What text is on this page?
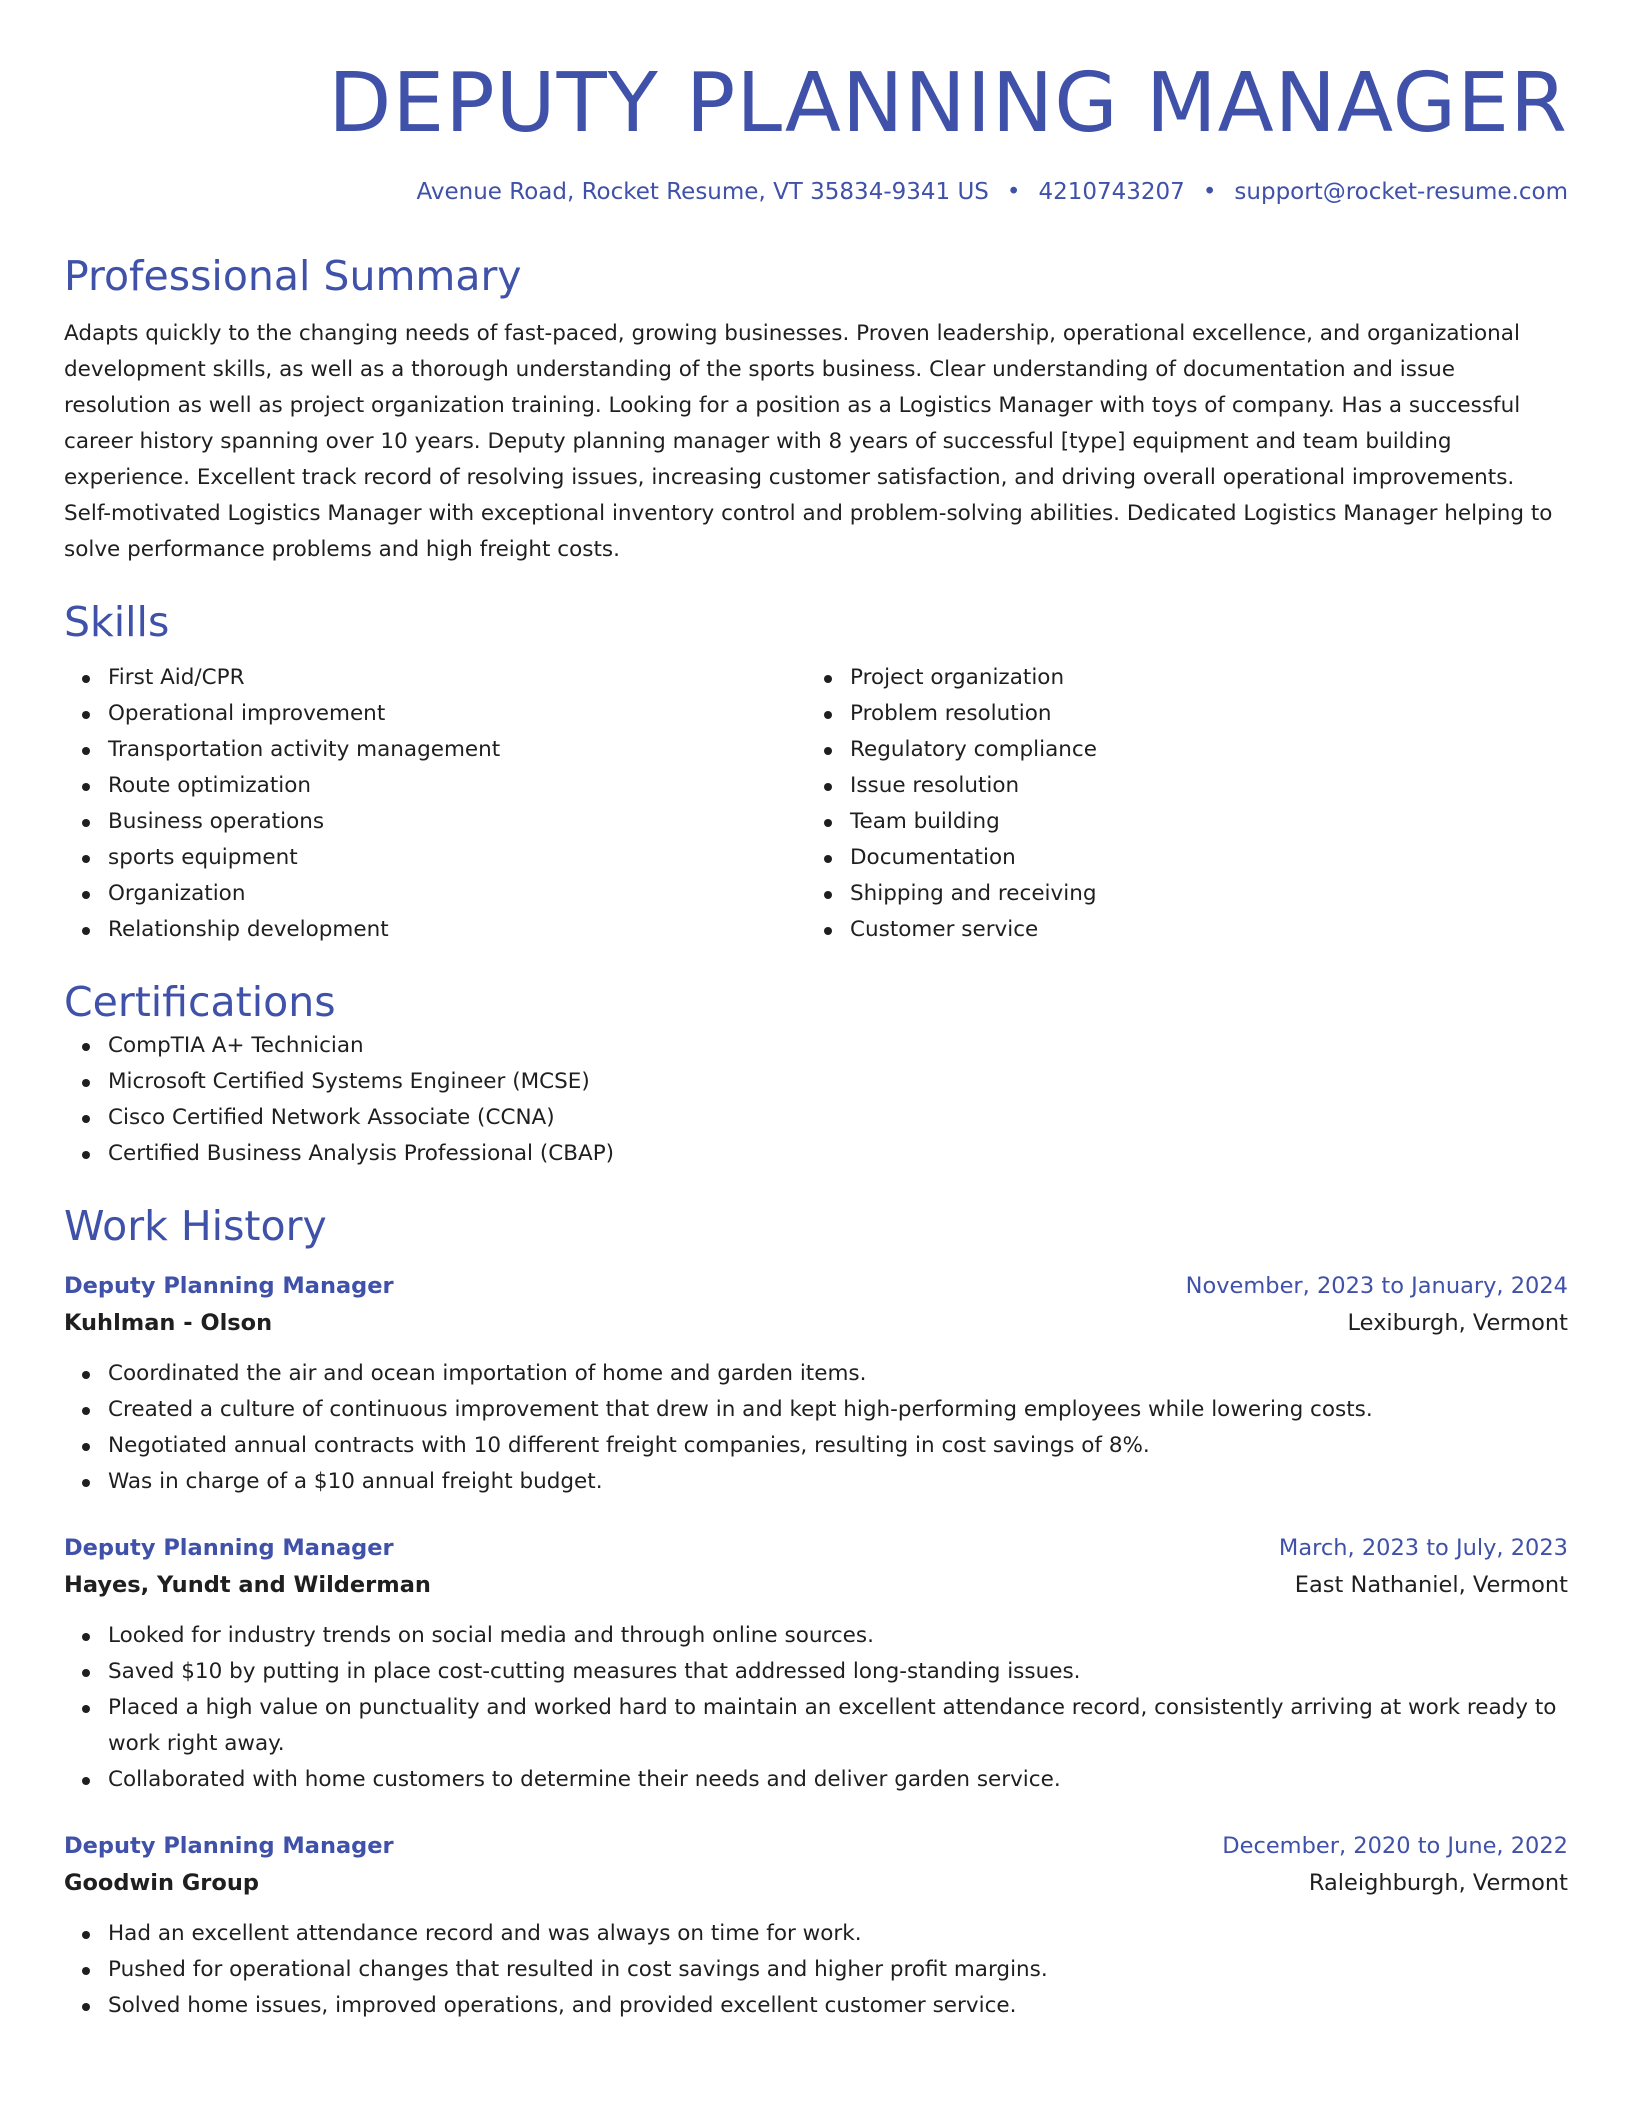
DEPUTY PLANNING MANAGER
Avenue Road, Rocket Resume, VT 35834-9341 US • 4210743207 • support@rocket-resume.com
Professional Summary

Adapts quickly to the changing needs of fast-paced, growing businesses. Proven leadership, operational excellence, and organizational development skills, as well as a thorough understanding of the sports business. Clear understanding of documentation and issue resolution as well as project organization training. Looking for a position as a Logistics Manager with toys of company. Has a successful career history spanning over 10 years. Deputy planning manager with 8 years of successful [type] equipment and team building experience. Excellent track record of resolving issues, increasing customer satisfaction, and driving overall operational improvements. Self-motivated Logistics Manager with exceptional inventory control and problem-solving abilities. Dedicated Logistics Manager helping to solve performance problems and high freight costs.

Skills
First Aid/CPR
Operational improvement
Transportation activity management
Route optimization
Business operations
sports equipment
Organization
Relationship development
Project organization
Problem resolution
Regulatory compliance
Issue resolution
Team building
Documentation
Shipping and receiving
Customer service
Certifications
CompTIA A+ Technician
Microsoft Certified Systems Engineer (MCSE)
Cisco Certified Network Associate (CCNA)
Certified Business Analysis Professional (CBAP)
Work History
Deputy Planning Manager	November, 2023 to January, 2024
Kuhlman - Olson	Lexiburgh, Vermont
Coordinated the air and ocean importation of home and garden items.
Created a culture of continuous improvement that drew in and kept high-performing employees while lowering costs.
Negotiated annual contracts with 10 different freight companies, resulting in cost savings of 8%.
Was in charge of a $10 annual freight budget.
Deputy Planning Manager	March, 2023 to July, 2023
Hayes, Yundt and Wilderman	East Nathaniel, Vermont
Looked for industry trends on social media and through online sources.
Saved $10 by putting in place cost-cutting measures that addressed long-standing issues.
Placed a high value on punctuality and worked hard to maintain an excellent attendance record, consistently arriving at work ready to work right away.
Collaborated with home customers to determine their needs and deliver garden service.
Deputy Planning Manager	December, 2020 to June, 2022
Goodwin Group	Raleighburgh, Vermont
Had an excellent attendance record and was always on time for work.
Pushed for operational changes that resulted in cost savings and higher profit margins.
Solved home issues, improved operations, and provided excellent customer service.
